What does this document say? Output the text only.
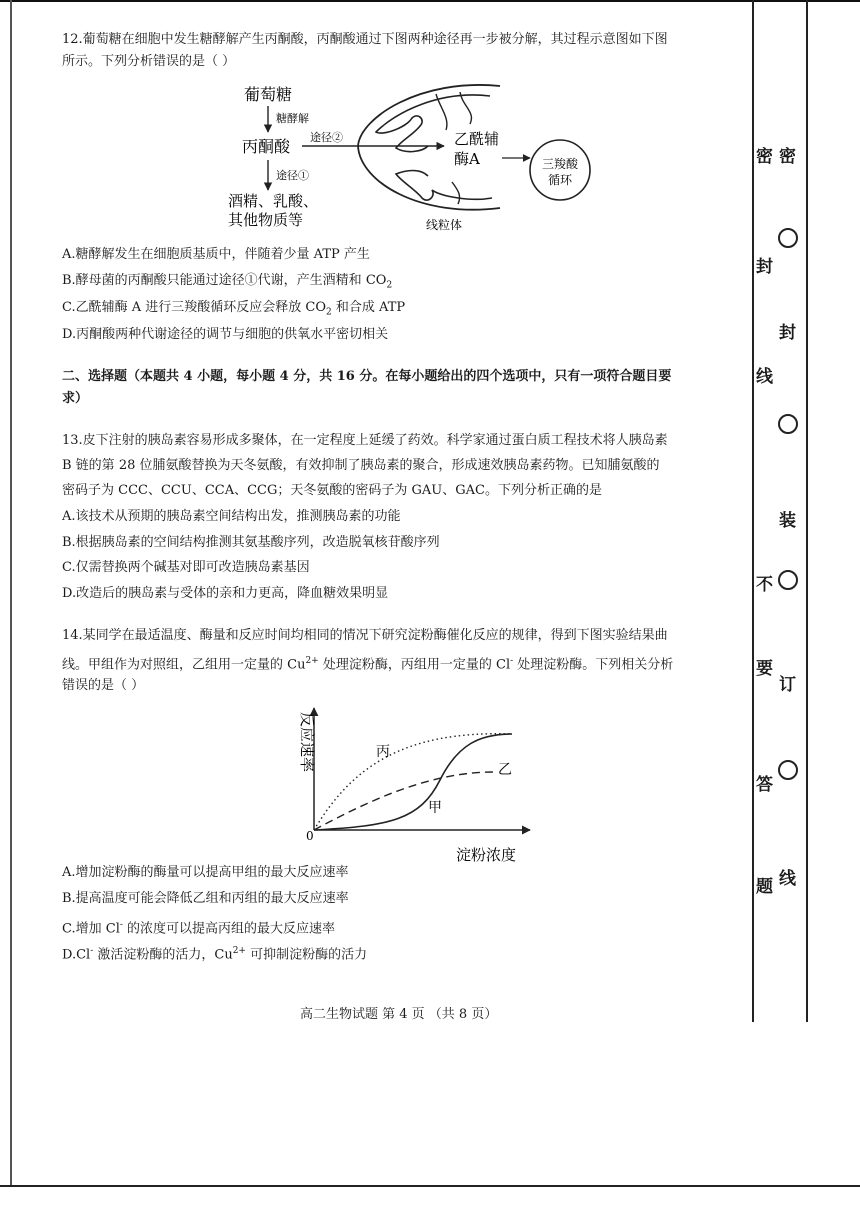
密
封
线
不
要
答
题
密
封
装
订
线
12.葡萄糖在细胞中发生糖酵解产生丙酮酸，丙酮酸通过下图两种途径再一步被分解，其过程示意图如下图
所示。下列分析错误的是（ ）
葡萄糖
糖酵解
丙酮酸 途径②
途径①
酒精、乳酸、
其他物质等
乙酰辅
酶A	三羧酸
循环
线粒体
A.糖酵解发生在细胞质基质中，伴随着少量 ATP 产生
B.酵母菌的丙酮酸只能通过途径①代谢，产生酒精和 $CO_2$
C.乙酰辅酶 A 进行三羧酸循环反应会释放 $CO_2$ 和合成 ATP
D.丙酮酸两种代谢途径的调节与细胞的供氧水平密切相关
二、选择题（本题共 4 小题，每小题 4 分，共 16 分。在每小题给出的四个选项中，只有一项符合题目要
求）
13.皮下注射的胰岛素容易形成多聚体，在一定程度上延缓了药效。科学家通过蛋白质工程技术将人胰岛素
B 链的第 28 位脯氨酸替换为天冬氨酸，有效抑制了胰岛素的聚合，形成速效胰岛素药物。已知脯氨酸的
密码子为 CCC、CCU、CCA、CCG；天冬氨酸的密码子为 GAU、GAC。下列分析正确的是
A.该技术从预期的胰岛素空间结构出发，推测胰岛素的功能
B.根据胰岛素的空间结构推测其氨基酸序列，改造脱氧核苷酸序列
C.仅需替换两个碱基对即可改造胰岛素基因
D.改造后的胰岛素与受体的亲和力更高，降血糖效果明显
14.某同学在最适温度、酶量和反应时间均相同的情况下研究淀粉酶催化反应的规律，得到下图实验结果曲
线。甲组作为对照组，乙组用一定量的 $Cu^{2+}$ 处理淀粉酶，丙组用一定量的 Cl- 处理淀粉酶。下列相关分析
错误的是（ ）
0
反应速率
淀粉浓度
丙
乙
甲
A.增加淀粉酶的酶量可以提高甲组的最大反应速率
B.提高温度可能会降低乙组和丙组的最大反应速率
C.增加 Cl- 的浓度可以提高丙组的最大反应速率
D.Cl- 激活淀粉酶的活力，$Cu^{2+}$ 可抑制淀粉酶的活力
高二生物试题 第 4 页 （共 8 页）
